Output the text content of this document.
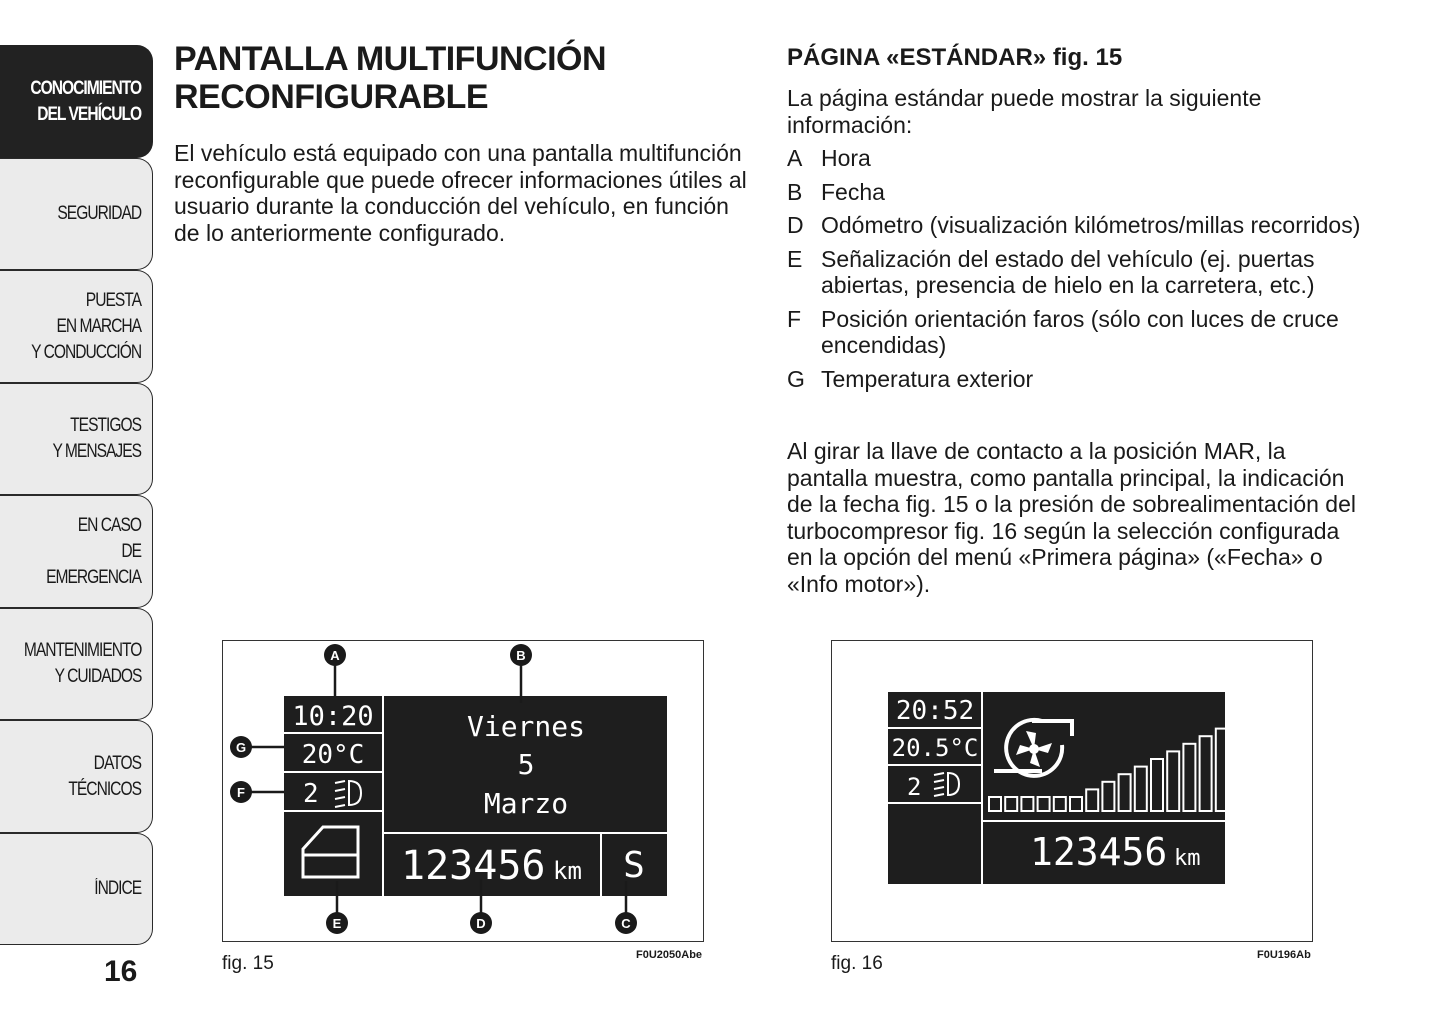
CONOCIMIENTO
DEL VEHÍCULO
SEGURIDAD
PUESTA
EN MARCHA
Y CONDUCCIÓN
TESTIGOS
Y MENSAJES
EN CASO
DE EMERGENCIA
MANTENIMIENTO
Y CUIDADOS
DATOS TÉCNICOS
ÍNDICE
16
PANTALLA MULTIFUNCIÓN
RECONFIGURABLE
El vehículo está equipado con una pantalla multifunción reconfigurable que puede ofrecer informaciones útiles al usuario durante la conducción del vehículo, en función de lo anteriormente configurado.
PÁGINA «ESTÁNDAR» fig. 15
La página estándar puede mostrar la siguiente información:
A Hora
B Fecha
D Odómetro (visualización kilómetros/millas recorridos)
E Señalización del estado del vehículo (ej. puertas abiertas, presencia de hielo en la carretera, etc.)
F Posición orientación faros (sólo con luces de cruce encendidas)
G Temperatura exterior
Al girar la llave de contacto a la posición MAR, la pantalla muestra, como pantalla principal, la indicación de la fecha fig. 15 o la presión de sobrealimentación del turbocompresor fig. 16 según la selección configurada en la opción del menú «Primera página» («Fecha» o «Info motor»).
10:20
20°C
2
Viernes
5
Marzo
123456 km S
A	B
G
F
E	D	C
fig. 15	F0U2050Abe
20:52
20.5°C
2
123456 km
fig. 16	F0U196Ab
